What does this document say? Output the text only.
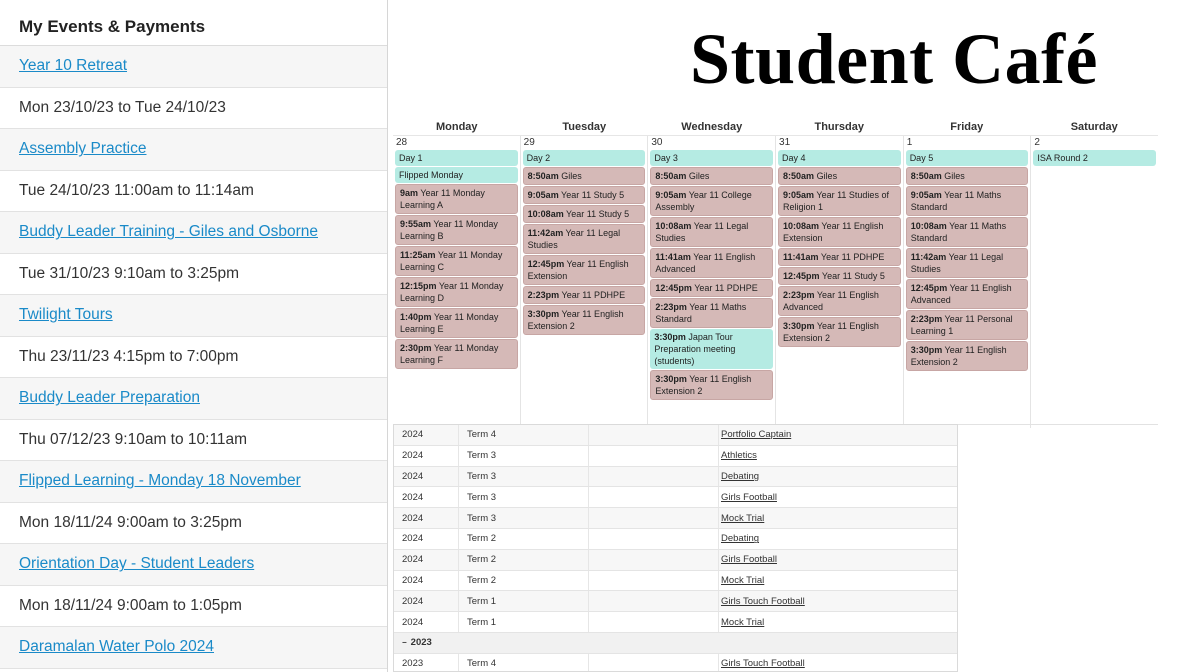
My Events & Payments
Year 10 Retreat
Mon 23/10/23 to Tue 24/10/23
Assembly Practice
Tue 24/10/23 11:00am to 11:14am
Buddy Leader Training - Giles and Osborne
Tue 31/10/23 9:10am to 3:25pm
Twilight Tours
Thu 23/11/23 4:15pm to 7:00pm
Buddy Leader Preparation
Thu 07/12/23 9:10am to 10:11am
Flipped Learning - Monday 18 November
Mon 18/11/24 9:00am to 3:25pm
Orientation Day - Student Leaders
Mon 18/11/24 9:00am to 1:05pm
Daramalan Water Polo 2024
Student Café
Monday	Tuesday	Wednesday	Thursday	Friday	Saturday
28
Day 1
Flipped Monday
9am Year 11 Monday Learning A
9:55am Year 11 Monday Learning B
11:25am Year 11 Monday Learning C
12:15pm Year 11 Monday Learning D
1:40pm Year 11 Monday Learning E
2:30pm Year 11 Monday Learning F
29
Day 2
8:50am Giles
9:05am Year 11 Study 5
10:08am Year 11 Study 5
11:42am Year 11 Legal Studies
12:45pm Year 11 English Extension
2:23pm Year 11 PDHPE
3:30pm Year 11 English Extension 2
30
Day 3
8:50am Giles
9:05am Year 11 College Assembly
10:08am Year 11 Legal Studies
11:41am Year 11 English Advanced
12:45pm Year 11 PDHPE
2:23pm Year 11 Maths Standard
3:30pm Japan Tour Preparation meeting (students)
3:30pm Year 11 English Extension 2
31
Day 4
8:50am Giles
9:05am Year 11 Studies of Religion 1
10:08am Year 11 English Extension
11:41am Year 11 PDHPE
12:45pm Year 11 Study 5
2:23pm Year 11 English Advanced
3:30pm Year 11 English Extension 2
1
Day 5
8:50am Giles
9:05am Year 11 Maths Standard
10:08am Year 11 Maths Standard
11:42am Year 11 Legal Studies
12:45pm Year 11 English Advanced
2:23pm Year 11 Personal Learning 1
3:30pm Year 11 English Extension 2
2
ISA Round 2
2024	Term 4	Portfolio Captain
2024	Term 3	Athletics
2024	Term 3	Debating
2024	Term 3	Girls Football
2024	Term 3	Mock Trial
2024	Term 2	Debating
2024	Term 2	Girls Football
2024	Term 2	Mock Trial
2024	Term 1	Girls Touch Football
2024	Term 1	Mock Trial
− 2023
2023	Term 4	Girls Touch Football
